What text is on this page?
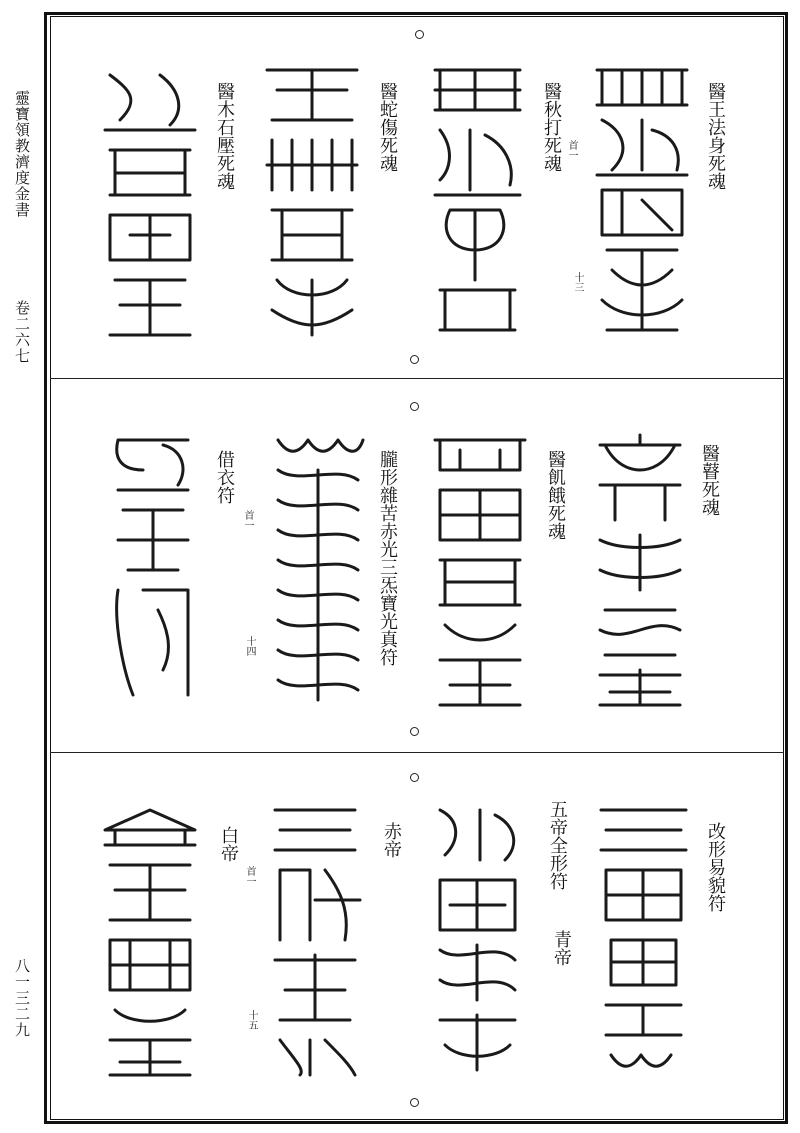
靈寶領教濟度金書
卷二六七
八一三二九
醫王法身死魂
醫秋打死魂
醫蛇傷死魂
醫木石壓死魂	首一
十三
醫瞽死魂
醫飢餓死魂
朧形雜苦赤光三炁寶光真符
借衣符
首一
十四
改形易貌符
五帝全形符
青帝
赤帝
白帝
首一
十五
